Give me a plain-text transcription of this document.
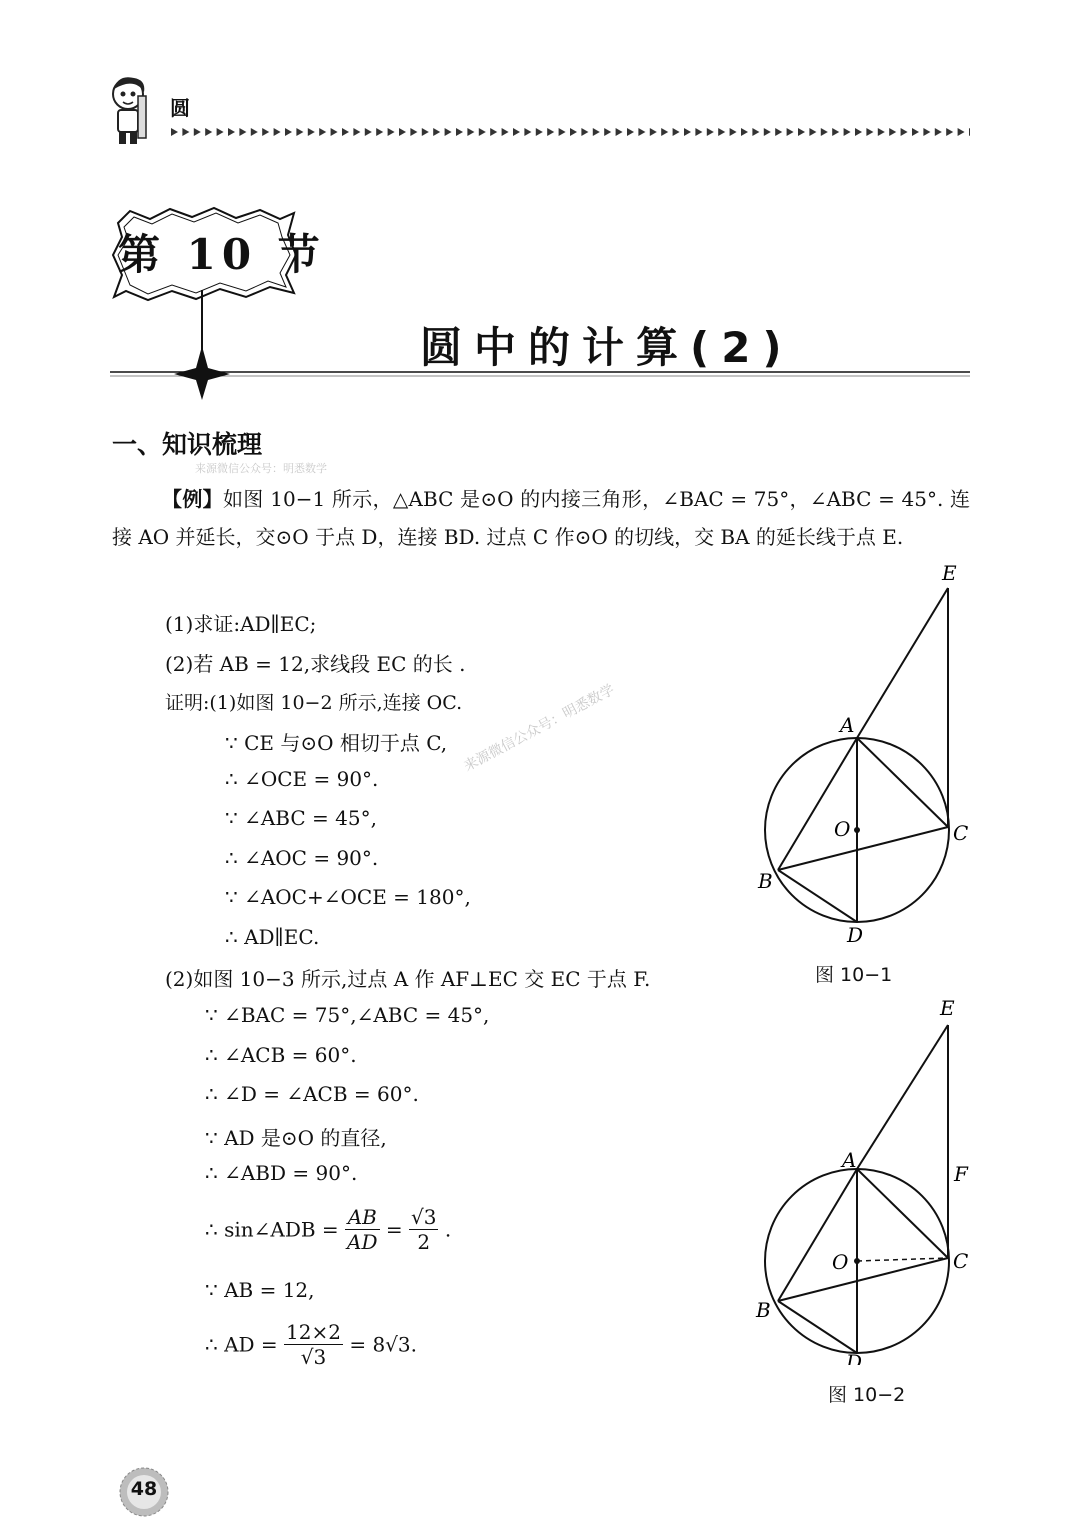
圆
第 10 节
圆中的计算(2)
一、知识梳理
来源微信公众号：明悉数学
来源微信公众号：明悉数学
【例】如图 10−1 所示，△ABC 是⊙O 的内接三角形，∠BAC = 75°，∠ABC = 45°. 连接 AO 并延长，交⊙O 于点 D，连接 BD. 过点 C 作⊙O 的切线，交 BA 的延长线于点 E.
(1)求证:AD∥EC;
(2)若 AB = 12,求线段 EC 的长 .
证明:(1)如图 10−2 所示,连接 OC.
∵ CE 与⊙O 相切于点 C,
∴ ∠OCE = 90°.
∵ ∠ABC = 45°,
∴ ∠AOC = 90°.
∵ ∠AOC+∠OCE = 180°,
∴ AD∥EC.
(2)如图 10−3 所示,过点 A 作 AF⊥EC 交 EC 于点 F.
∵ ∠BAC = 75°,∠ABC = 45°,
∴ ∠ACB = 60°.
∴ ∠D = ∠ACB = 60°.
∵ AD 是⊙O 的直径,
∴ ∠ABD = 90°.
∴ sin∠ADB = $\frac{AB}{AD} = \frac{√3}{2}$ .
∵ AB = 12,
∴ AD = $\frac{12\times 2}{√3} = 8√3$.
E
A
O	C
B
D
图 10−1
E
A
F
O	C
B
D
图 10−2
48
